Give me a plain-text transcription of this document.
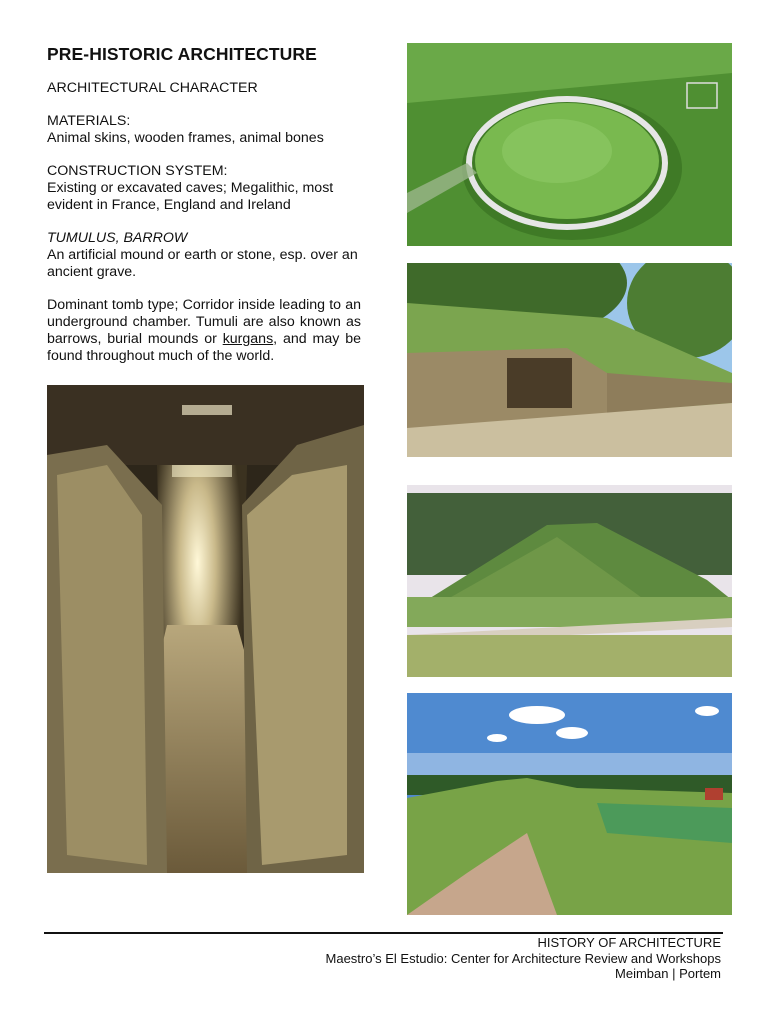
PRE-HISTORIC ARCHITECTURE

ARCHITECTURAL CHARACTER

MATERIALS:

Animal skins, wooden frames, animal bones

CONSTRUCTION SYSTEM:

Existing or excavated caves; Megalithic, most evident in France, England and Ireland

TUMULUS, BARROW

An artificial mound or earth or stone, esp. over an ancient grave.

Dominant tomb type; Corridor inside leading to an underground chamber. Tumuli are also known as barrows, burial mounds or kurgans, and may be found throughout much of the world.

HISTORY OF ARCHITECTURE
Maestro’s El Estudio: Center for Architecture Review and Workshops
Meimban | Portem
